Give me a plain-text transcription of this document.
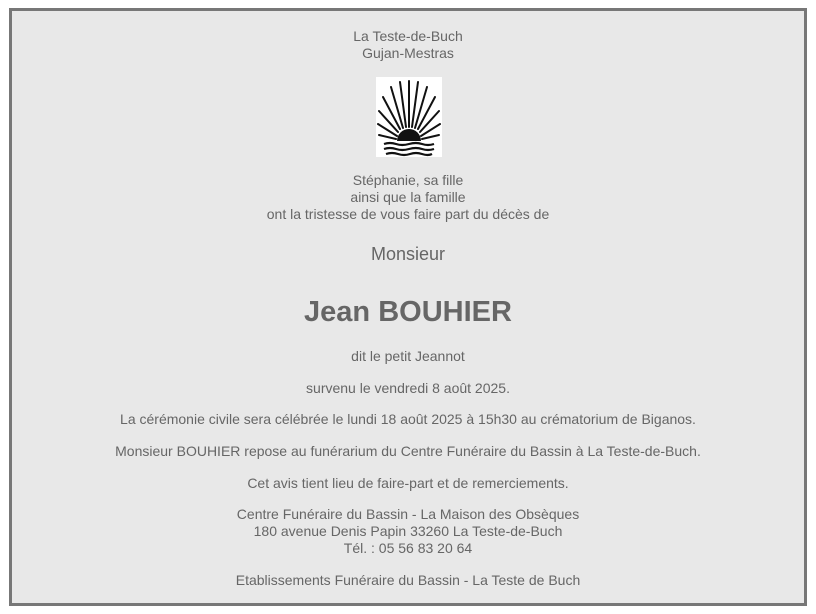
La Teste-de-Buch
Gujan-Mestras
Stéphanie, sa fille
ainsi que la famille
ont la tristesse de vous faire part du décès de
Monsieur
Jean BOUHIER
dit le petit Jeannot
survenu le vendredi 8 août 2025.
La cérémonie civile sera célébrée le lundi 18 août 2025 à 15h30 au crématorium de Biganos.
Monsieur BOUHIER repose au funérarium du Centre Funéraire du Bassin à La Teste-de-Buch.
Cet avis tient lieu de faire-part et de remerciements.
Centre Funéraire du Bassin - La Maison des Obsèques
180 avenue Denis Papin 33260 La Teste-de-Buch
Tél. : 05 56 83 20 64
Etablissements Funéraire du Bassin - La Teste de Buch
